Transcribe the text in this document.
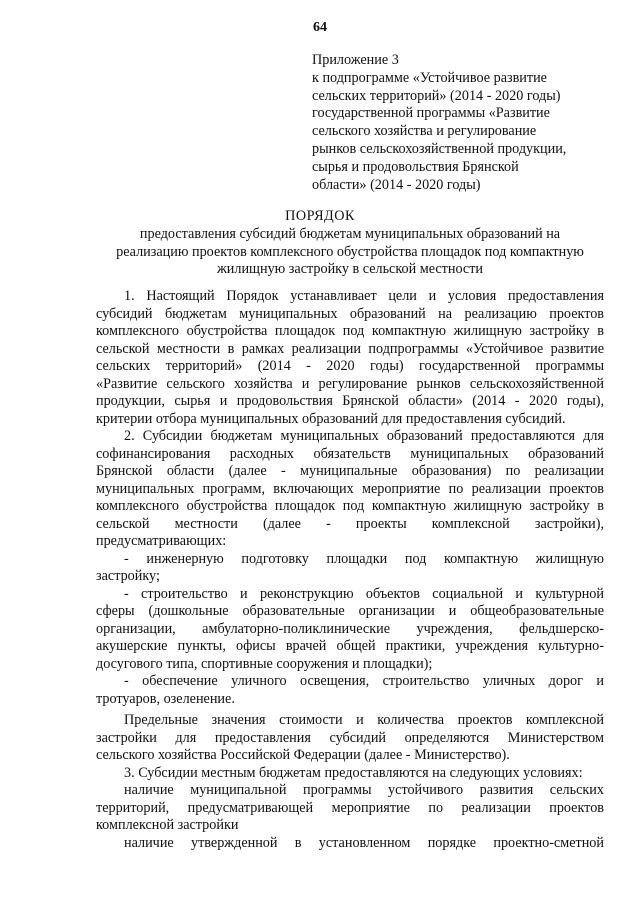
64
Приложение 3
к подпрограмме «Устойчивое развитие
сельских территорий» (2014 - 2020 годы)
государственной программы «Развитие
сельского хозяйства и регулирование
рынков сельскохозяйственной продукции,
сырья и продовольствия Брянской
области» (2014 - 2020 годы)
ПОРЯДОК
предоставления субсидий бюджетам муниципальных образований на
реализацию проектов комплексного обустройства площадок под компактную
жилищную застройку в сельской местности
1. Настоящий Порядок устанавливает цели и условия предоставления
субсидий бюджетам муниципальных образований на реализацию проектов
комплексного обустройства площадок под компактную жилищную застройку в
сельской местности в рамках реализации подпрограммы «Устойчивое развитие
сельских территорий» (2014 - 2020 годы) государственной программы
«Развитие сельского хозяйства и регулирование рынков сельскохозяйственной
продукции, сырья и продовольствия Брянской области» (2014 - 2020 годы),
критерии отбора муниципальных образований для предоставления субсидий.
2. Субсидии бюджетам муниципальных образований предоставляются для
софинансирования расходных обязательств муниципальных образований
Брянской области (далее - муниципальные образования) по реализации
муниципальных программ, включающих мероприятие по реализации проектов
комплексного обустройства площадок под компактную жилищную застройку в
сельской местности (далее - проекты комплексной застройки),
предусматривающих:
- инженерную подготовку площадки под компактную жилищную
застройку;
- строительство и реконструкцию объектов социальной и культурной
сферы (дошкольные образовательные организации и общеобразовательные
организации, амбулаторно-поликлинические учреждения, фельдшерско-
акушерские пункты, офисы врачей общей практики, учреждения культурно-
досугового типа, спортивные сооружения и площадки);
- обеспечение уличного освещения, строительство уличных дорог и
тротуаров, озеленение.
Предельные значения стоимости и количества проектов комплексной
застройки для предоставления субсидий определяются Министерством
сельского хозяйства Российской Федерации (далее - Министерство).
3. Субсидии местным бюджетам предоставляются на следующих условиях:
наличие муниципальной программы устойчивого развития сельских
территорий, предусматривающей мероприятие по реализации проектов
комплексной застройки
наличие утвержденной в установленном порядке проектно-сметной
